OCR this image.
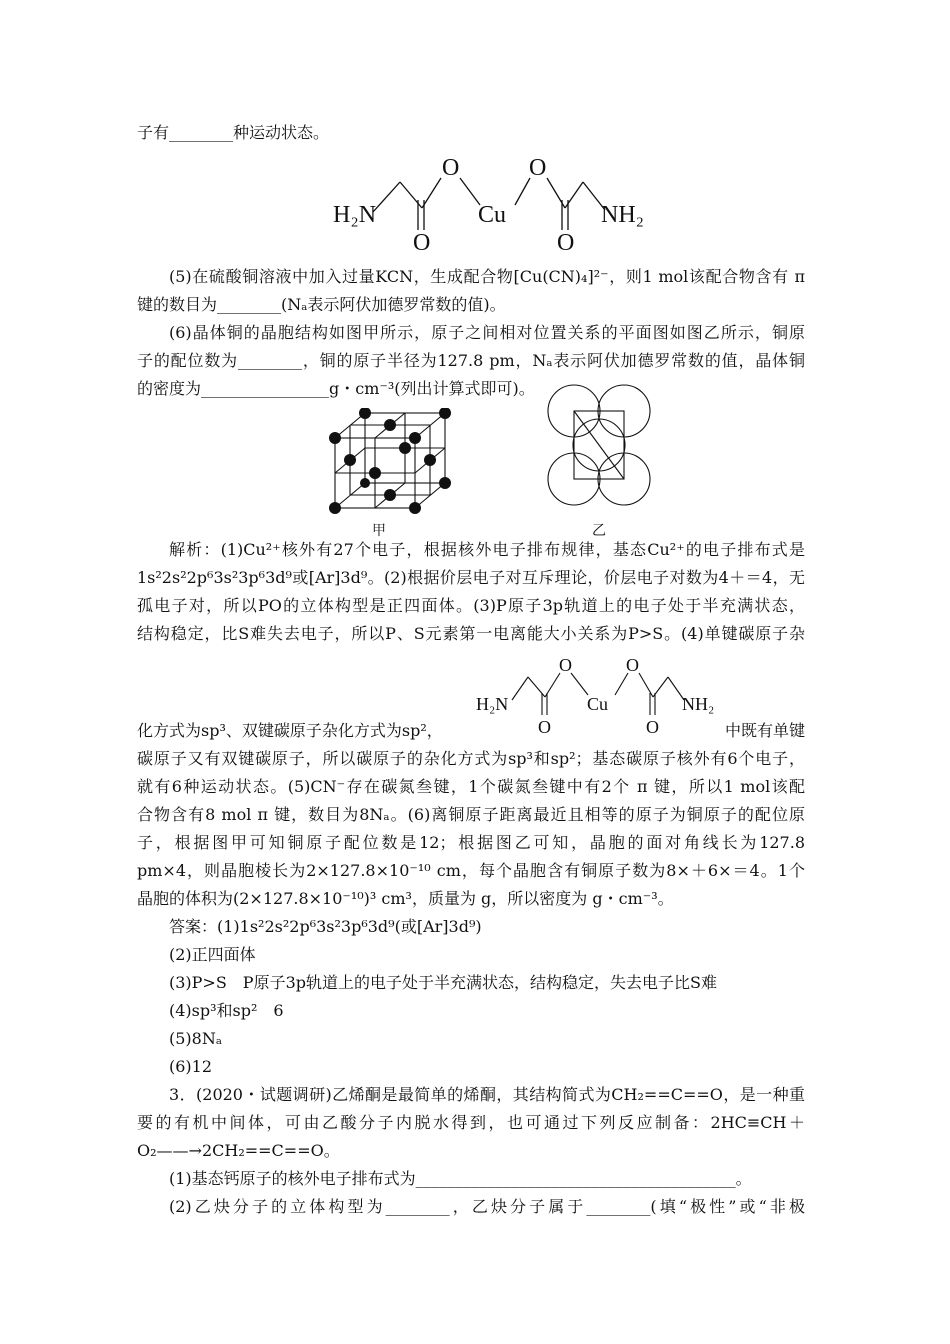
子有________种运动状态。
H₂N
O	O
Cu
O	O
NH₂
(5)在硫酸铜溶液中加入过量KCN，生成配合物[Cu(CN)₄]²⁻，则1 mol该配合物含有 π
键的数目为________(Nₐ表示阿伏加德罗常数的值)。
(6)晶体铜的晶胞结构如图甲所示，原子之间相对位置关系的平面图如图乙所示，铜原
子的配位数为________，铜的原子半径为127.8 pm，Nₐ表示阿伏加德罗常数的值，晶体铜
的密度为________________g・cm⁻³(列出计算式即可)。
甲	乙
解析：(1)Cu²⁺核外有27个电子，根据核外电子排布规律，基态Cu²⁺的电子排布式是
1s²2s²2p⁶3s²3p⁶3d⁹或[Ar]3d⁹。(2)根据价层电子对互斥理论，价层电子对数为4＋＝4，无
孤电子对，所以PO的立体构型是正四面体。(3)P原子3p轨道上的电子处于半充满状态，
结构稳定，比S难失去电子，所以P、S元素第一电离能大小关系为P>S。(4)单键碳原子杂
H₂N
O	O
Cu
O	O
NH₂
化方式为sp³、双键碳原子杂化方式为sp²，	中既有单键
碳原子又有双键碳原子，所以碳原子的杂化方式为sp³和sp²；基态碳原子核外有6个电子，
就有6种运动状态。(5)CN⁻存在碳氮叁键，1个碳氮叁键中有2个 π 键，所以1 mol该配
合物含有8 mol π 键，数目为8Nₐ。(6)离铜原子距离最近且相等的原子为铜原子的配位原
子，根据图甲可知铜原子配位数是12；根据图乙可知，晶胞的面对角线长为127.8
pm×4，则晶胞棱长为2×127.8×10⁻¹⁰ cm，每个晶胞含有铜原子数为8×＋6×＝4。1个
晶胞的体积为(2×127.8×10⁻¹⁰)³ cm³，质量为 g，所以密度为 g・cm⁻³。
答案：(1)1s²2s²2p⁶3s²3p⁶3d⁹(或[Ar]3d⁹)
(2)正四面体
(3)P>S　P原子3p轨道上的电子处于半充满状态，结构稳定，失去电子比S难
(4)sp³和sp²　6
(5)8Nₐ
(6)12
3．(2020・试题调研)乙烯酮是最简单的烯酮，其结构简式为CH₂==C==O，是一种重
要的有机中间体，可由乙酸分子内脱水得到，也可通过下列反应制备：2HC≡CH＋
O₂——→2CH₂==C==O。
(1)基态钙原子的核外电子排布式为________________________________________。
(2)乙炔分子的立体构型为________，乙炔分子属于________(填“极性”或“非极
